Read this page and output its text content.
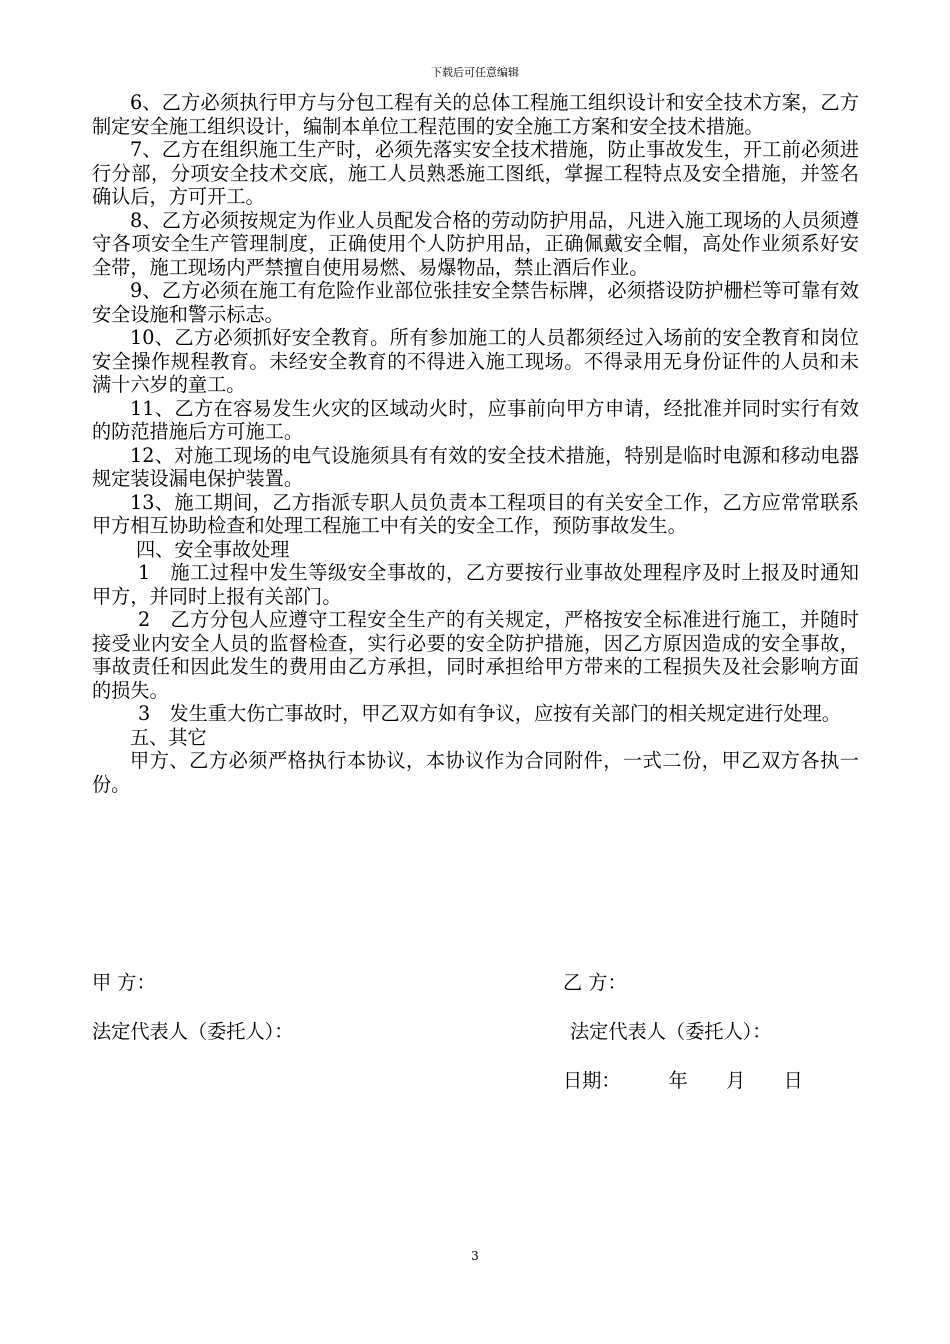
下载后可任意编辑

6、乙方必须执行甲方与分包工程有关的总体工程施工组织设计和安全技术方案，乙方制定安全施工组织设计，编制本单位工程范围的安全施工方案和安全技术措施。

7、乙方在组织施工生产时，必须先落实安全技术措施，防止事故发生，开工前必须进行分部，分项安全技术交底，施工人员熟悉施工图纸，掌握工程特点及安全措施，并签名确认后，方可开工。

8、乙方必须按规定为作业人员配发合格的劳动防护用品，凡进入施工现场的人员须遵守各项安全生产管理制度，正确使用个人防护用品，正确佩戴安全帽，高处作业须系好安全带，施工现场内严禁擅自使用易燃、易爆物品，禁止酒后作业。

9、乙方必须在施工有危险作业部位张挂安全禁告标牌，必须搭设防护栅栏等可靠有效安全设施和警示标志。

10、乙方必须抓好安全教育。所有参加施工的人员都须经过入场前的安全教育和岗位安全操作规程教育。未经安全教育的不得进入施工现场。不得录用无身份证件的人员和未满十六岁的童工。

11、乙方在容易发生火灾的区域动火时，应事前向甲方申请，经批准并同时实行有效的防范措施后方可施工。

12、对施工现场的电气设施须具有有效的安全技术措施，特别是临时电源和移动电器规定装设漏电保护装置。

13、施工期间，乙方指派专职人员负责本工程项目的有关安全工作，乙方应常常联系甲方相互协助检查和处理工程施工中有关的安全工作，预防事故发生。

四、安全事故处理

1　施工过程中发生等级安全事故的，乙方要按行业事故处理程序及时上报及时通知甲方，并同时上报有关部门。

2　乙方分包人应遵守工程安全生产的有关规定，严格按安全标准进行施工，并随时接受业内安全人员的监督检查，实行必要的安全防护措施，因乙方原因造成的安全事故，事故责任和因此发生的费用由乙方承担，同时承担给甲方带来的工程损失及社会影响方面的损失。

3　发生重大伤亡事故时，甲乙双方如有争议，应按有关部门的相关规定进行处理。

五、其它

甲方、乙方必须严格执行本协议，本协议作为合同附件，一式二份，甲乙双方各执一份。

甲 方：	乙 方：
法定代表人（委托人）：	法定代表人（委托人）：
日期：　　　年　　月　　日
3
